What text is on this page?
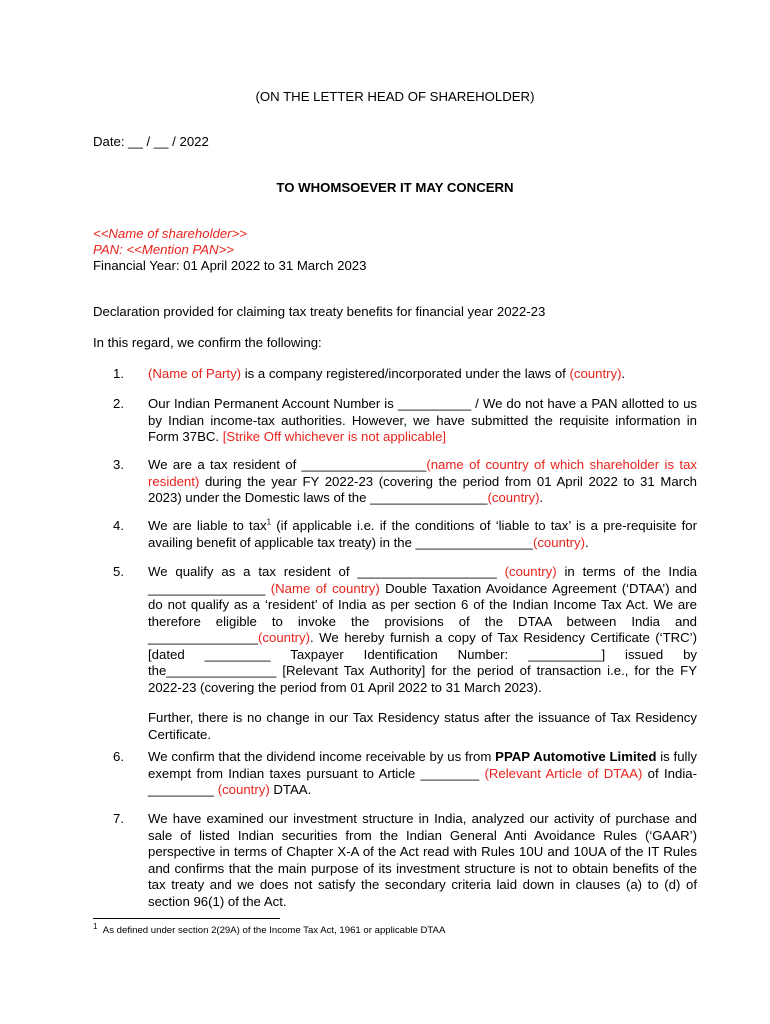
(ON THE LETTER HEAD OF SHAREHOLDER)
Date: __ / __ / 2022
TO WHOMSOEVER IT MAY CONCERN
<<Name of shareholder>>
PAN: <<Mention PAN>>
Financial Year: 01 April 2022 to 31 March 2023
Declaration provided for claiming tax treaty benefits for financial year 2022-23
In this regard, we confirm the following:
1. (Name of Party) is a company registered/incorporated under the laws of (country).

2. Our Indian Permanent Account Number is __________ / We do not have a PAN allotted to us by Indian income-tax authorities. However, we have submitted the requisite information in Form 37BC. [Strike Off whichever is not applicable]

3. We are a tax resident of _________________(name of country of which shareholder is tax resident) during the year FY 2022-23 (covering the period from 01 April 2022 to 31 March 2023) under the Domestic laws of the ________________(country).

4. We are liable to tax$^1$ (if applicable i.e. if the conditions of ‘liable to tax’ is a pre-requisite for availing benefit of applicable tax treaty) in the ________________(country).

5. We qualify as a tax resident of ___________________ (country) in terms of the India ________________ (Name of country) Double Taxation Avoidance Agreement (‘DTAA’) and do not qualify as a ‘resident’ of India as per section 6 of the Indian Income Tax Act. We are therefore eligible to invoke the provisions of the DTAA between India and _______________(country). We hereby furnish a copy of Tax Residency Certificate (‘TRC’) [dated _________ Taxpayer Identification Number: __________] issued by the_______________ [Relevant Tax Authority] for the period of transaction i.e., for the FY 2022-23 (covering the period from 01 April 2022 to 31 March 2023).

Further, there is no change in our Tax Residency status after the issuance of Tax Residency Certificate.

6. We confirm that the dividend income receivable by us from PPAP Automotive Limited is fully exempt from Indian taxes pursuant to Article ________ (Relevant Article of DTAA) of India-_________ (country) DTAA.

7. We have examined our investment structure in India, analyzed our activity of purchase and sale of listed Indian securities from the Indian General Anti Avoidance Rules (‘GAAR’) perspective in terms of Chapter X-A of the Act read with Rules 10U and 10UA of the IT Rules and confirms that the main purpose of its investment structure is not to obtain benefits of the tax treaty and we does not satisfy the secondary criteria laid down in clauses (a) to (d) of section 96(1) of the Act.

$^1$ As defined under section 2(29A) of the Income Tax Act, 1961 or applicable DTAA
